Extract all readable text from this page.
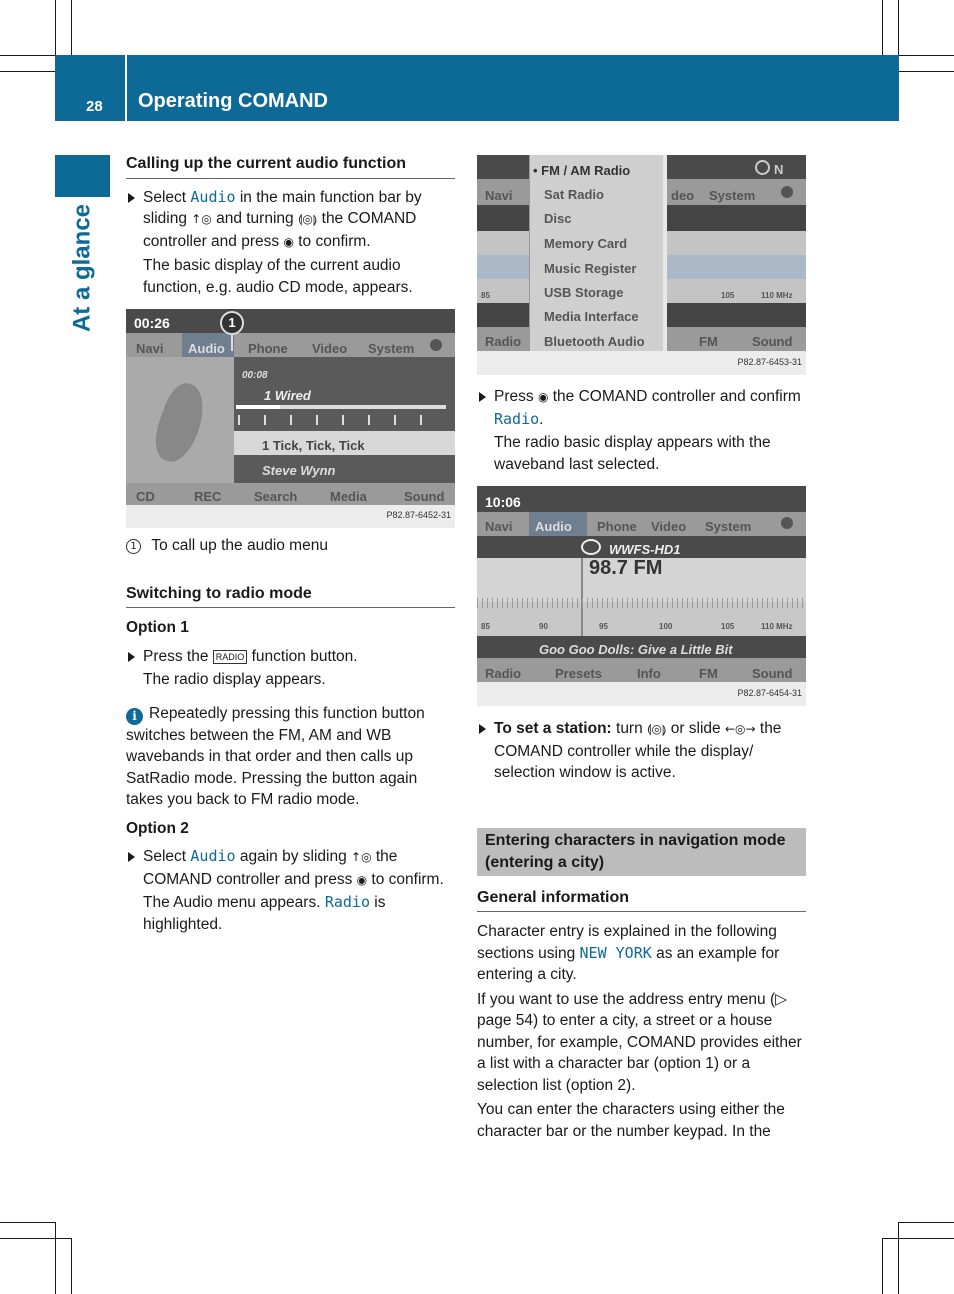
28 Operating COMAND
At a glance
Calling up the current audio function
Select Audio in the main function bar by sliding ↑◎ and turning ⟬◎⟭ the COMAND controller and press ◉ to confirm.
The basic display of the current audio function, e.g. audio CD mode, appears.
00:26
Navi Audio Phone Video System
1
00:08
1 Wired
1 Tick, Tick, Tick
Steve Wynn
CD	REC	Search	Media	Sound
P82.87-6452-31
1 To call up the audio menu
Switching to radio mode
Option 1
Press the RADIO function button.
The radio display appears.
i Repeatedly pressing this function button switches between the FM, AM and WB wavebands in that order and then calls up SatRadio mode. Pressing the button again takes you back to FM radio mode.
Option 2
Select Audio again by sliding ↑◎ the COMAND controller and press ◉ to confirm.
The Audio menu appears. Radio is highlighted.
Navi	deo System
N
85	105	110 MHz
Radio	FM	Sound
• FM / AM Radio
Sat Radio
Disc
Memory Card
Music Register
USB Storage
Media Interface
Bluetooth Audio
P82.87-6453-31
Press ◉ the COMAND controller and confirm Radio.
The radio basic display appears with the waveband last selected.
10:06
Navi Audio Phone Video System
WWFS-HD1
98.7 FM
85	90	95	100	105	110 MHz
Goo Goo Dolls: Give a Little Bit
Radio	Presets	Info	FM	Sound
P82.87-6454-31
To set a station: turn ⟬◎⟭ or slide ←◎→ the COMAND controller while the display/ selection window is active.
Entering characters in navigation mode (entering a city)
General information
Character entry is explained in the following sections using NEW YORK as an example for entering a city.
If you want to use the address entry menu (▷ page 54) to enter a city, a street or a house number, for example, COMAND provides either a list with a character bar (option 1) or a selection list (option 2).
You can enter the characters using either the character bar or the number keypad. In the
